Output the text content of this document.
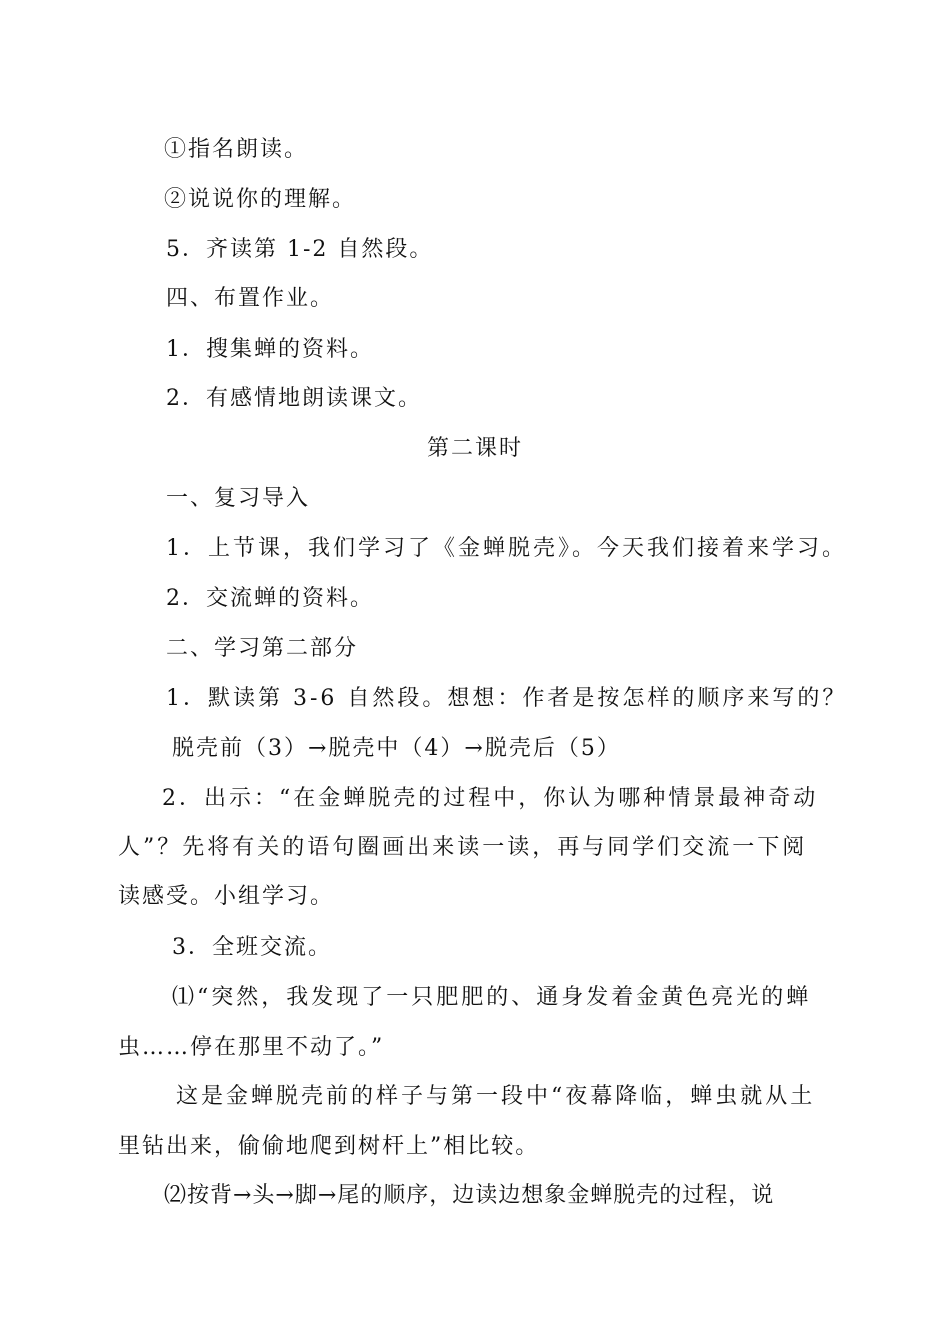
①指名朗读。
②说说你的理解。
5．齐读第 1-2 自然段。
四、布置作业。
1．搜集蝉的资料。
2．有感情地朗读课文。
第二课时
一、复习导入
1．上节课，我们学习了《金蝉脱壳》。今天我们接着来学习。
2．交流蝉的资料。
二、学习第二部分
1．默读第 3-6 自然段。想想：作者是按怎样的顺序来写的？
脱壳前（3）→脱壳中（4）→脱壳后（5）
2．出示：“在金蝉脱壳的过程中，你认为哪种情景最神奇动
人”？先将有关的语句圈画出来读一读，再与同学们交流一下阅
读感受。小组学习。
3．全班交流。
⑴“突然，我发现了一只肥肥的、通身发着金黄色亮光的蝉
虫……停在那里不动了。”
这是金蝉脱壳前的样子与第一段中“夜幕降临，蝉虫就从土
里钻出来，偷偷地爬到树杆上”相比较。
⑵按背→头→脚→尾的顺序，边读边想象金蝉脱壳的过程，说
